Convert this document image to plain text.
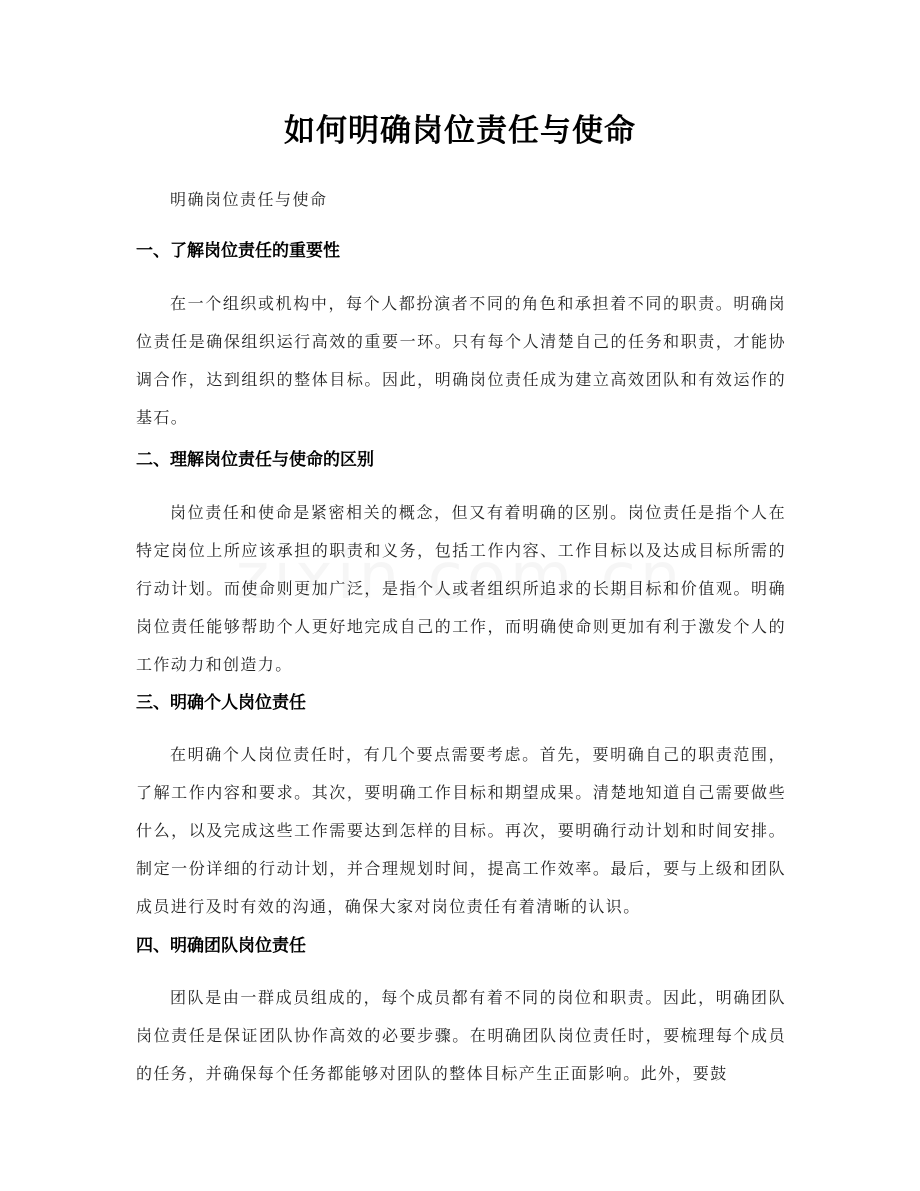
如何明确岗位责任与使命
明确岗位责任与使命
一、了解岗位责任的重要性

在一个组织或机构中，每个人都扮演者不同的角色和承担着不同的职责。明确岗位责任是确保组织运行高效的重要一环。只有每个人清楚自己的任务和职责，才能协调合作，达到组织的整体目标。因此，明确岗位责任成为建立高效团队和有效运作的基石。

二、理解岗位责任与使命的区别

岗位责任和使命是紧密相关的概念，但又有着明确的区别。岗位责任是指个人在特定岗位上所应该承担的职责和义务，包括工作内容、工作目标以及达成目标所需的行动计划。而使命则更加广泛，是指个人或者组织所追求的长期目标和价值观。明确岗位责任能够帮助个人更好地完成自己的工作，而明确使命则更加有利于激发个人的工作动力和创造力。

三、明确个人岗位责任

在明确个人岗位责任时，有几个要点需要考虑。首先，要明确自己的职责范围，了解工作内容和要求。其次，要明确工作目标和期望成果。清楚地知道自己需要做些什么，以及完成这些工作需要达到怎样的目标。再次，要明确行动计划和时间安排。制定一份详细的行动计划，并合理规划时间，提高工作效率。最后，要与上级和团队成员进行及时有效的沟通，确保大家对岗位责任有着清晰的认识。

四、明确团队岗位责任

团队是由一群成员组成的，每个成员都有着不同的岗位和职责。因此，明确团队岗位责任是保证团队协作高效的必要步骤。在明确团队岗位责任时，要梳理每个成员的任务，并确保每个任务都能够对团队的整体目标产生正面影响。此外，要鼓
